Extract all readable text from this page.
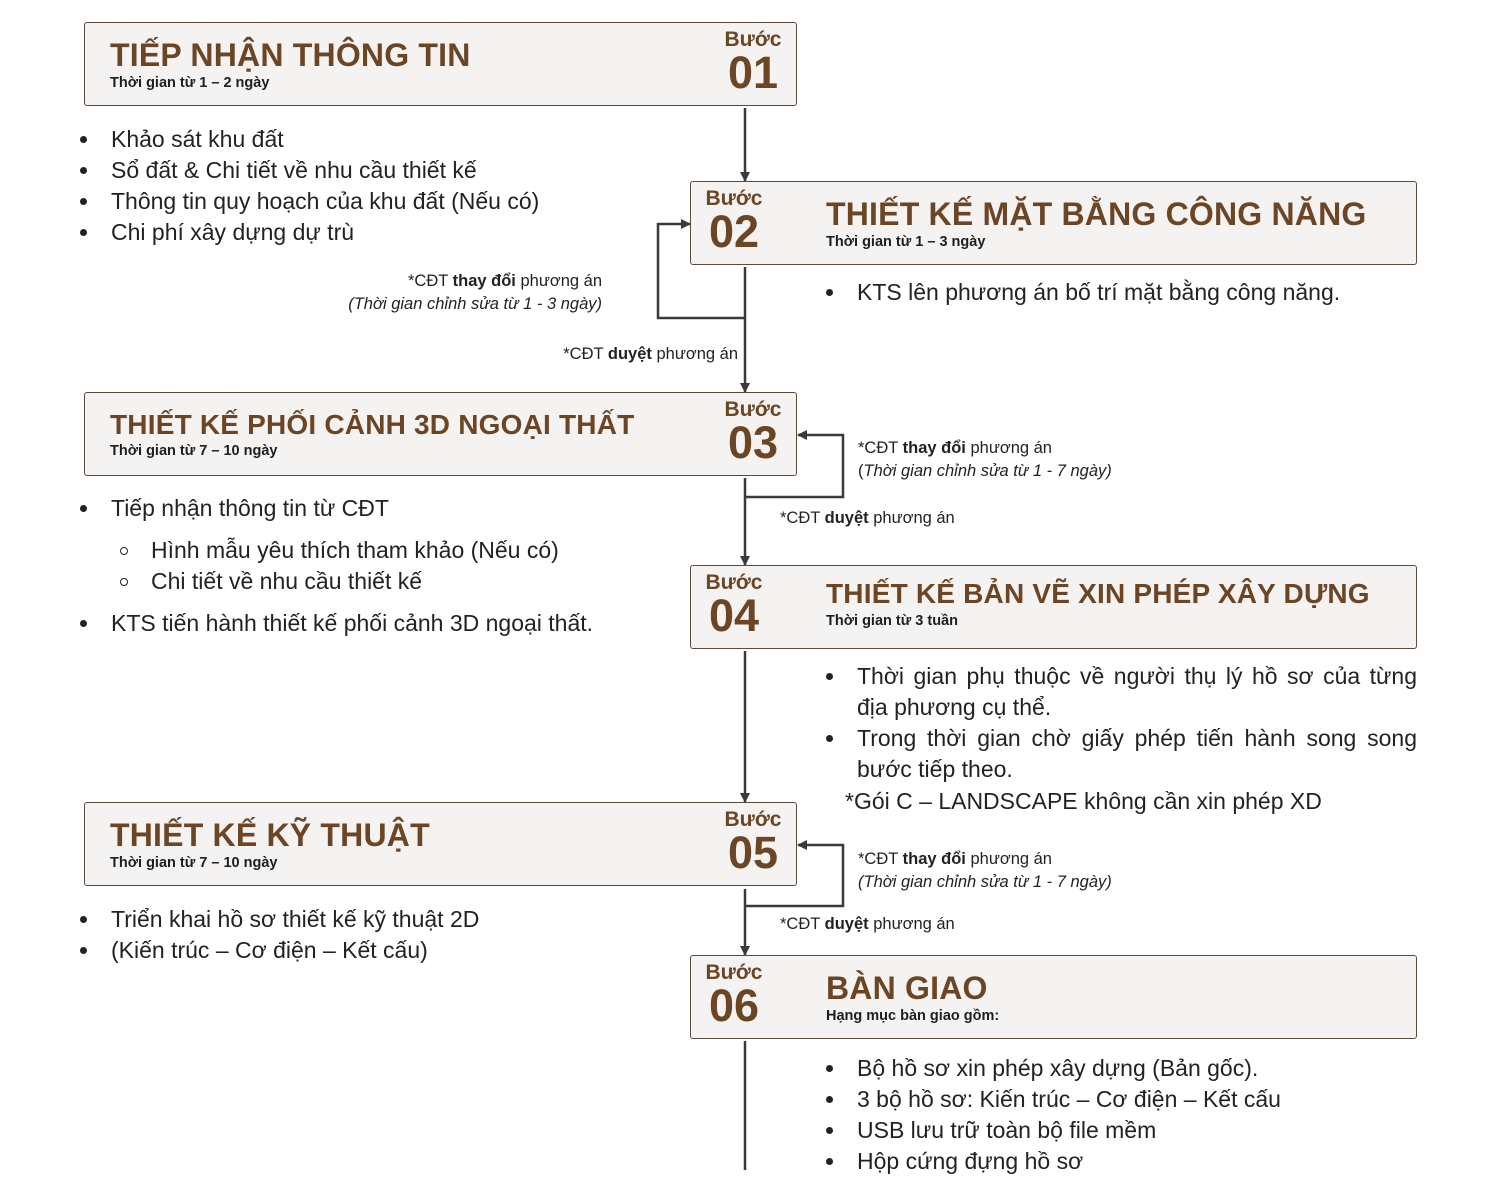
TIẾP NHẬN THÔNG TIN
Thời gian từ 1 – 2 ngày
Bước
01
Khảo sát khu đất
Sổ đất & Chi tiết về nhu cầu thiết kế
Thông tin quy hoạch của khu đất (Nếu có)
Chi phí xây dựng dự trù
Bước
02	THIẾT KẾ MẶT BẰNG CÔNG NĂNG
Thời gian từ 1 – 3 ngày
KTS lên phương án bố trí mặt bằng công năng.
*CĐT thay đổi phương án
(Thời gian chỉnh sửa từ 1 - 3 ngày)
*CĐT duyệt phương án
THIẾT KẾ PHỐI CẢNH 3D NGOẠI THẤT
Thời gian từ 7 – 10 ngày
Bước
03
Tiếp nhận thông tin từ CĐT
Hình mẫu yêu thích tham khảo (Nếu có)
Chi tiết về nhu cầu thiết kế
KTS tiến hành thiết kế phối cảnh 3D ngoại thất.
*CĐT thay đổi phương án
(Thời gian chỉnh sửa từ 1 - 7 ngày)
*CĐT duyệt phương án
Bước
04	THIẾT KẾ BẢN VẼ XIN PHÉP XÂY DỰNG
Thời gian từ 3 tuần
Thời gian phụ thuộc về người thụ lý hồ sơ của từng địa phương cụ thể.
Trong thời gian chờ giấy phép tiến hành song song bước tiếp theo.
*Gói C – LANDSCAPE không cần xin phép XD
THIẾT KẾ KỸ THUẬT
Thời gian từ 7 – 10 ngày
Bước
05
Triển khai hồ sơ thiết kế kỹ thuật 2D
(Kiến trúc – Cơ điện – Kết cấu)
*CĐT thay đổi phương án
(Thời gian chỉnh sửa từ 1 - 7 ngày)
*CĐT duyệt phương án
Bước
06	BÀN GIAO
Hạng mục bàn giao gồm:
Bộ hồ sơ xin phép xây dựng (Bản gốc).
3 bộ hồ sơ: Kiến trúc – Cơ điện – Kết cấu
USB lưu trữ toàn bộ file mềm
Hộp cứng đựng hồ sơ
